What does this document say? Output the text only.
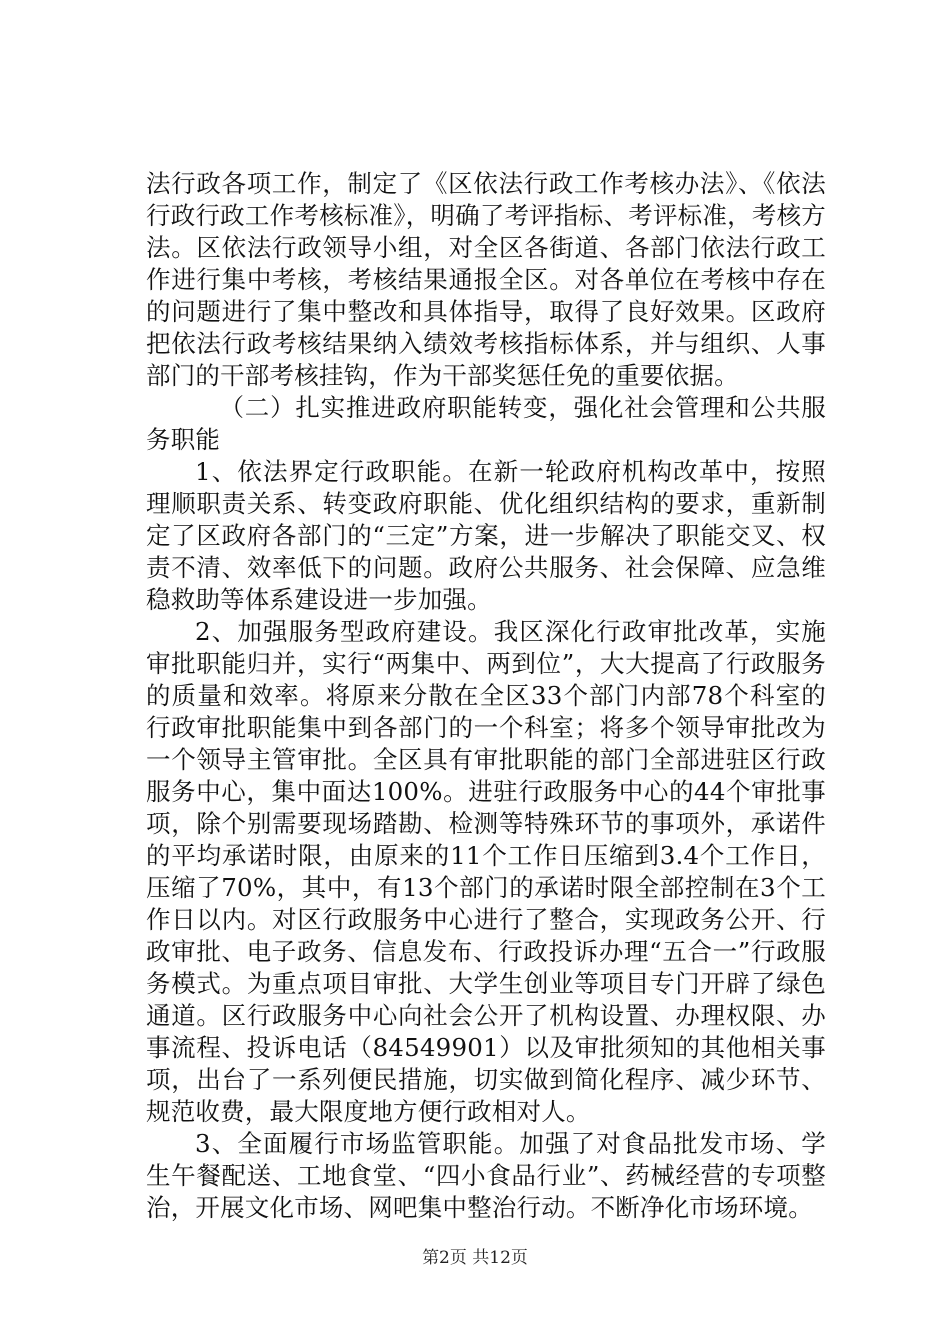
法行政各项工作，制定了《区依法行政工作考核办法》、《依法行政行政工作考核标准》，明确了考评指标、考评标准，考核方法。区依法行政领导小组，对全区各街道、各部门依法行政工作进行集中考核，考核结果通报全区。对各单位在考核中存在的问题进行了集中整改和具体指导，取得了良好效果。区政府把依法行政考核结果纳入绩效考核指标体系，并与组织、人事部门的干部考核挂钩，作为干部奖惩任免的重要依据。

（二）扎实推进政府职能转变，强化社会管理和公共服务职能

1、依法界定行政职能。在新一轮政府机构改革中，按照理顺职责关系、转变政府职能、优化组织结构的要求，重新制定了区政府各部门的“三定”方案，进一步解决了职能交叉、权责不清、效率低下的问题。政府公共服务、社会保障、应急维稳救助等体系建设进一步加强。

2、加强服务型政府建设。我区深化行政审批改革，实施审批职能归并，实行“两集中、两到位”，大大提高了行政服务的质量和效率。将原来分散在全区33个部门内部78个科室的行政审批职能集中到各部门的一个科室；将多个领导审批改为一个领导主管审批。全区具有审批职能的部门全部进驻区行政服务中心，集中面达100%。进驻行政服务中心的44个审批事项，除个别需要现场踏勘、检测等特殊环节的事项外，承诺件的平均承诺时限，由原来的11个工作日压缩到3.4个工作日，压缩了70%，其中，有13个部门的承诺时限全部控制在3个工作日以内。对区行政服务中心进行了整合，实现政务公开、行政审批、电子政务、信息发布、行政投诉办理“五合一”行政服务模式。为重点项目审批、大学生创业等项目专门开辟了绿色通道。区行政服务中心向社会公开了机构设置、办理权限、办事流程、投诉电话（84549901）以及审批须知的其他相关事项，出台了一系列便民措施，切实做到简化程序、减少环节、规范收费，最大限度地方便行政相对人。

3、全面履行市场监管职能。加强了对食品批发市场、学生午餐配送、工地食堂、“四小食品行业”、药械经营的专项整治，开展文化市场、网吧集中整治行动。不断净化市场环境。

第2页 共12页
